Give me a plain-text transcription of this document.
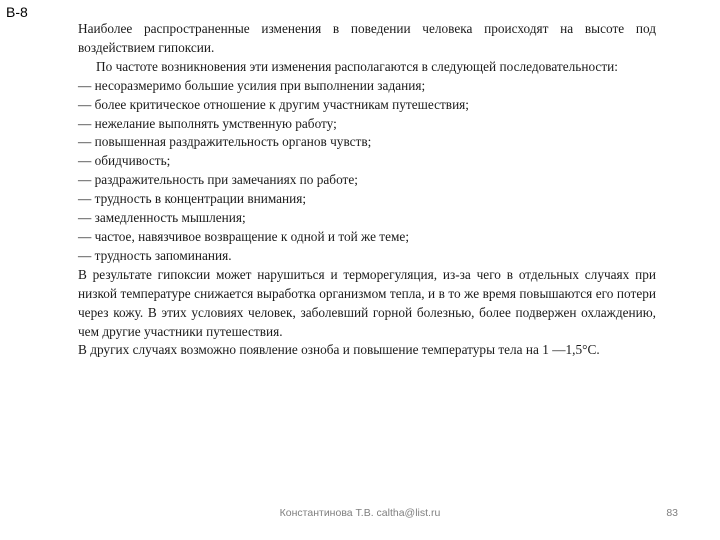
В-8

Наиболее распространенные изменения в поведении человека происходят на высоте под воздействием гипоксии.

По частоте возникновения эти изменения располагаются в следующей последовательности:

— несоразмеримо большие усилия при выполнении задания;

— более критическое отношение к другим участникам путешествия;

— нежелание выполнять умственную работу;

— повышенная раздражительность органов чувств;

— обидчивость;

— раздражительность при замечаниях по работе;

— трудность в концентрации внимания;

— замедленность мышления;

— частое, навязчивое возвращение к одной и той же теме;

— трудность запоминания.

В результате гипоксии может нарушиться и терморегуляция, из-за чего в отдельных случаях при низкой температуре снижается выработка организмом тепла, и в то же время повышаются его потери через кожу. В этих условиях человек, заболевший горной болезнью, более подвержен охлаждению, чем другие участники путешествия.

В других случаях возможно появление озноба и повышение температуры тела на 1 —1,5°С.

Константинова Т.В. caltha@list.ru	83
